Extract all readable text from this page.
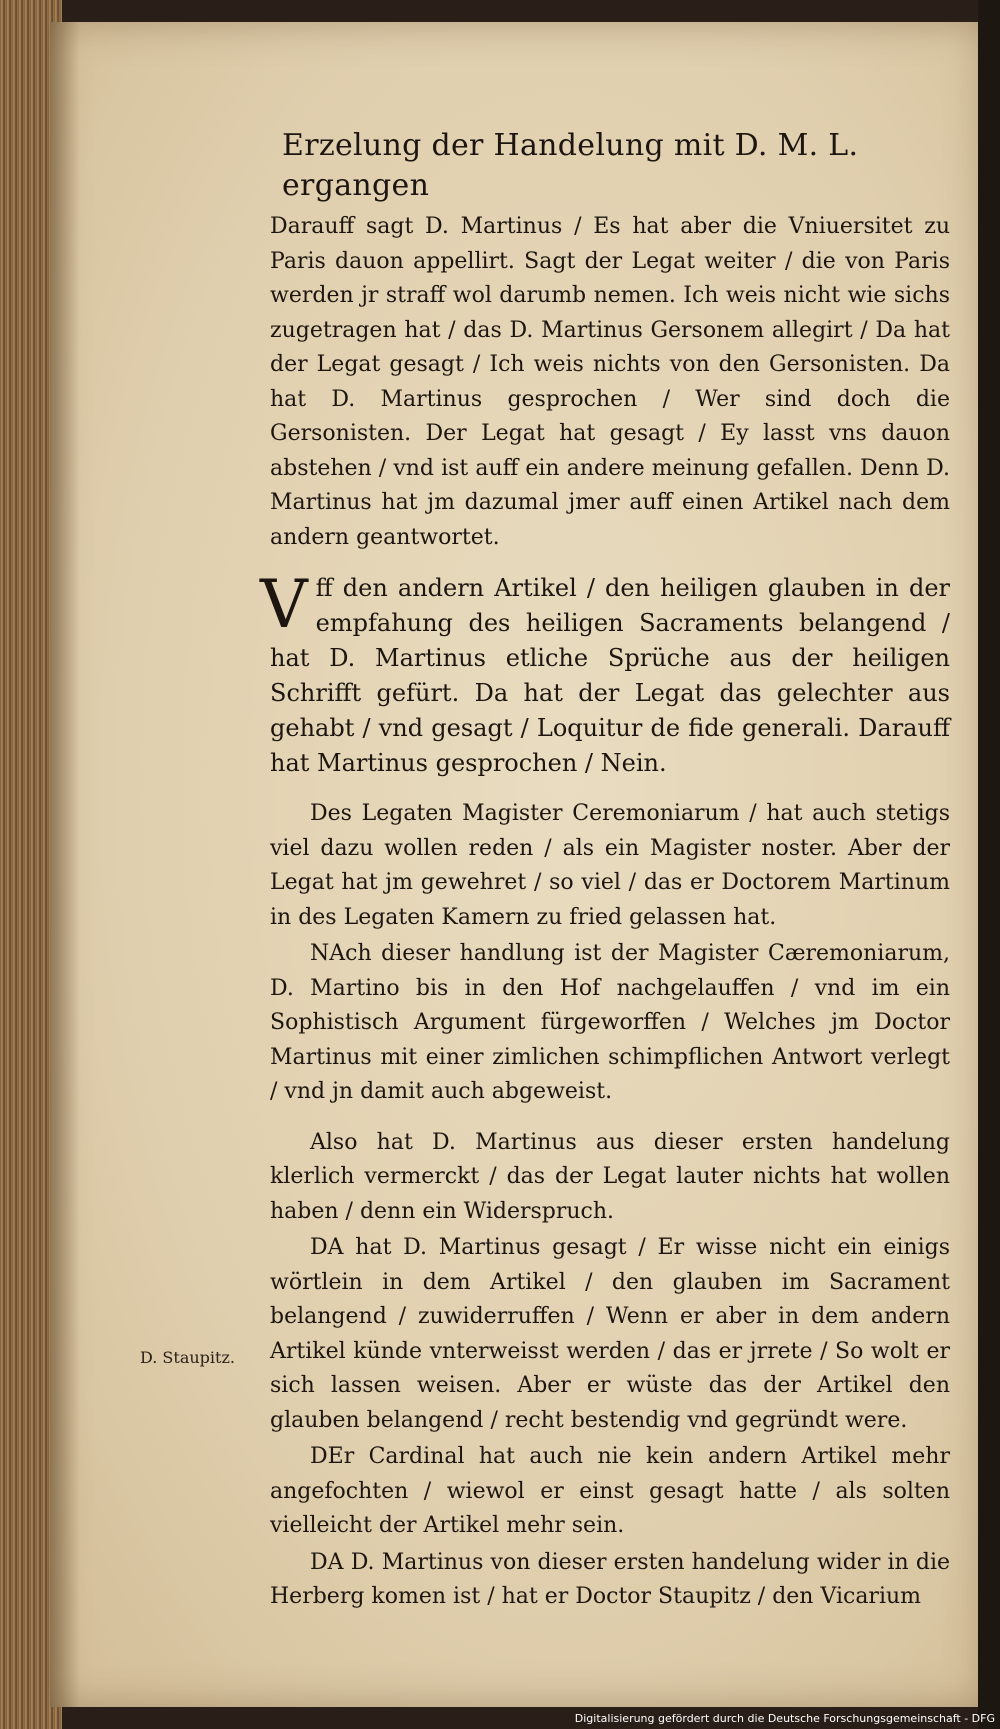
Erzelung der Handelung mit D. M. L. ergangen

Darauff sagt D. Martinus / Es hat aber die Vniuersitet zu Paris dauon appellirt. Sagt der Legat weiter / die von Paris werden jr straff wol darumb nemen. Ich weis nicht wie sichs zugetragen hat / das D. Martinus Gersonem allegirt / Da hat der Legat gesagt / Ich weis nichts von den Gersonisten. Da hat D. Martinus gesprochen / Wer sind doch die Gersonisten. Der Legat hat gesagt / Ey lasst vns dauon abstehen / vnd ist auff ein andere meinung gefallen. Denn D. Martinus hat jm dazumal jmer auff einen Artikel nach dem andern geantwortet.

V ff den andern Artikel / den heiligen glauben in der empfahung des heiligen Sacraments belangend / hat D. Martinus etliche Sprüche aus der heiligen Schrifft gefürt. Da hat der Legat das gelechter aus gehabt / vnd gesagt / Loquitur de fide generali. Darauff hat Martinus gesprochen / Nein.

Des Legaten Magister Ceremoniarum / hat auch stetigs viel dazu wollen reden / als ein Magister noster. Aber der Legat hat jm gewehret / so viel / das er Doctorem Martinum in des Legaten Kamern zu fried gelassen hat.

NAch dieser handlung ist der Magister Cæremoniarum, D. Martino bis in den Hof nachgelauffen / vnd im ein Sophistisch Argument fürgeworffen / Welches jm Doctor Martinus mit einer zimlichen schimpflichen Antwort verlegt / vnd jn damit auch abgeweist.

Also hat D. Martinus aus dieser ersten handelung klerlich vermerckt / das der Legat lauter nichts hat wollen haben / denn ein Widerspruch.

DA hat D. Martinus gesagt / Er wisse nicht ein einigs wörtlein in dem Artikel / den glauben im Sacrament belangend / zuwiderruffen / Wenn er aber in dem andern Artikel künde vnterweisst werden / das er jrrete / So wolt er sich lassen weisen. Aber er wüste das der Artikel den glauben belangend / recht bestendig vnd gegründt were.

DEr Cardinal hat auch nie kein andern Artikel mehr angefochten / wiewol er einst gesagt hatte / als solten vielleicht der Artikel mehr sein.

DA D. Martinus von dieser ersten handelung wider in die Herberg komen ist / hat er Doctor Staupitz / den Vicarium

D. Staupitz.
Digitalisierung gefördert durch die Deutsche Forschungsgemeinschaft - DFG
